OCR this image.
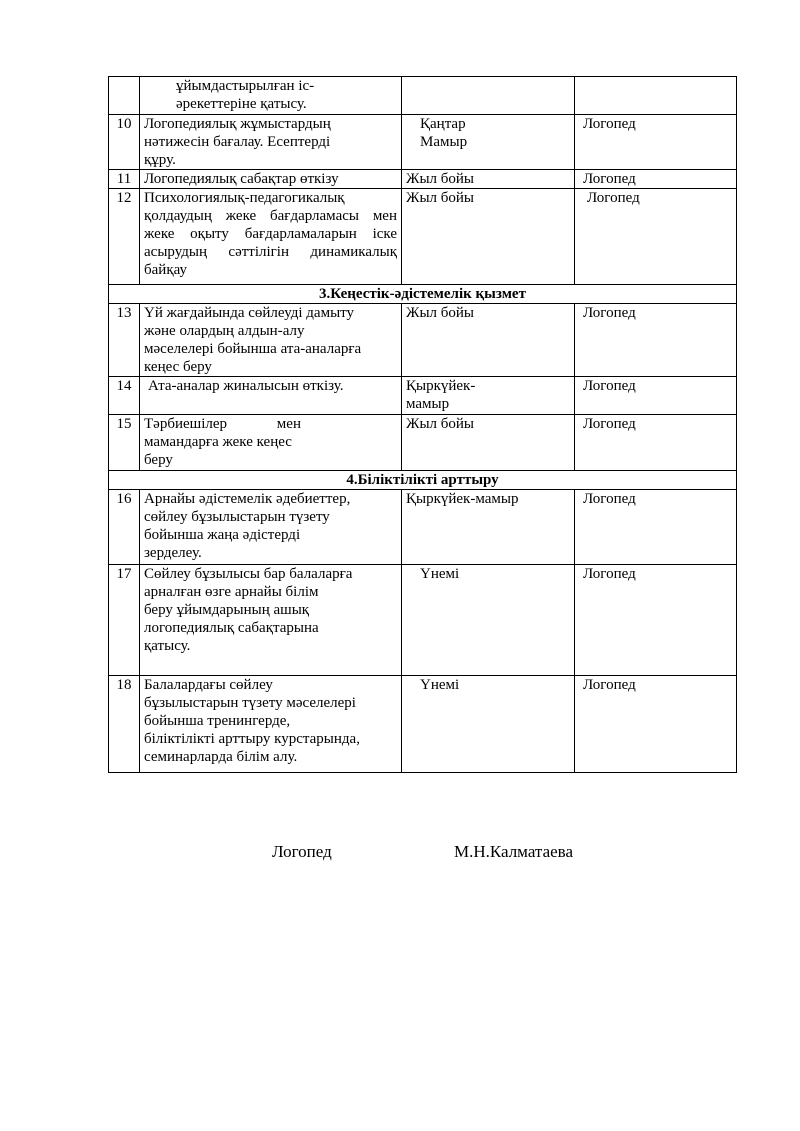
	ұйымдастырылған іс-
әрекеттеріне қатысу.		
10	Логопедиялық жұмыстардың
нәтижесін бағалау. Есептерді
құру.	Қаңтар
Мамыр	Логопед
11	Логопедиялық сабақтар өткізу	Жыл бойы	Логопед
12	Психологиялық-педагогикалық қолдаудың жеке бағдарламасы мен жеке оқыту бағдарламаларын іске асырудың сәттілігін динамикалық байқау	Жыл бойы	Логопед
3.Кеңестік-әдістемелік қызмет			
13	Үй жағдайында сөйлеуді дамыту
және олардың алдын-алу
мәселелері бойынша ата-аналарға
кеңес беру	Жыл бойы	Логопед
14	Ата-аналар жиналысын өткізу.	Қыркүйек-
мамыр	Логопед
15	Тәрбиешілер мен мамандарға жеке кеңес
беру	Жыл бойы	Логопед
4.Біліктілікті арттыру			
16	Арнайы әдістемелік әдебиеттер,
сөйлеу бұзылыстарын түзету
бойынша жаңа әдістерді
зерделеу.	Қыркүйек-мамыр	Логопед
17	Сөйлеу бұзылысы бар балаларға
арналған өзге арнайы білім
беру ұйымдарының ашық
логопедиялық сабақтарына
қатысу.	Үнемі	Логопед
18	Балалардағы сөйлеу
бұзылыстарын түзету мәселелері
бойынша тренингерде,
біліктілікті арттыру курстарында,
семинарларда білім алу.	Үнемі	Логопед
Логопед	М.Н.Калматаева
